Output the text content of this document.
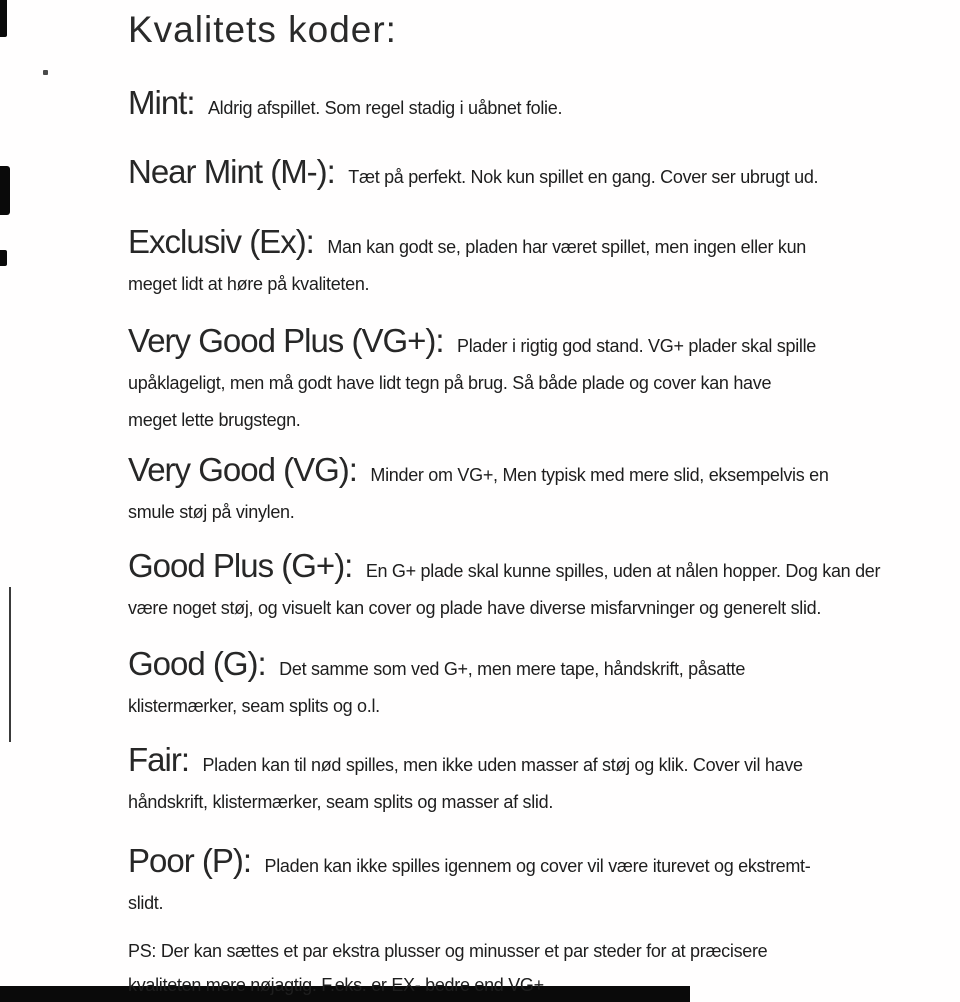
Kvalitets koder:

Mint: Aldrig afspillet. Som regel stadig i uåbnet folie.

Near Mint (M-): Tæt på perfekt. Nok kun spillet en gang. Cover ser ubrugt ud.

Exclusiv (Ex): Man kan godt se, pladen har været spillet, men ingen eller kun
meget lidt at høre på kvaliteten.

Very Good Plus (VG+): Plader i rigtig god stand. VG+ plader skal spille
upåklageligt, men må godt have lidt tegn på brug. Så både plade og cover kan have
meget lette brugstegn.

Very Good (VG): Minder om VG+, Men typisk med mere slid, eksempelvis en
smule støj på vinylen.

Good Plus (G+): En G+ plade skal kunne spilles, uden at nålen hopper. Dog kan der
være noget støj, og visuelt kan cover og plade have diverse misfarvninger og generelt slid.

Good (G): Det samme som ved G+, men mere tape, håndskrift, påsatte
klistermærker, seam splits og o.l.

Fair: Pladen kan til nød spilles, men ikke uden masser af støj og klik. Cover vil have
håndskrift, klistermærker, seam splits og masser af slid.

Poor (P): Pladen kan ikke spilles igennem og cover vil være iturevet og ekstremt-
slidt.

PS: Der kan sættes et par ekstra plusser og minusser et par steder for at præcisere
kvaliteten mere nøjagtig. F.eks. er EX- bedre end VG+
